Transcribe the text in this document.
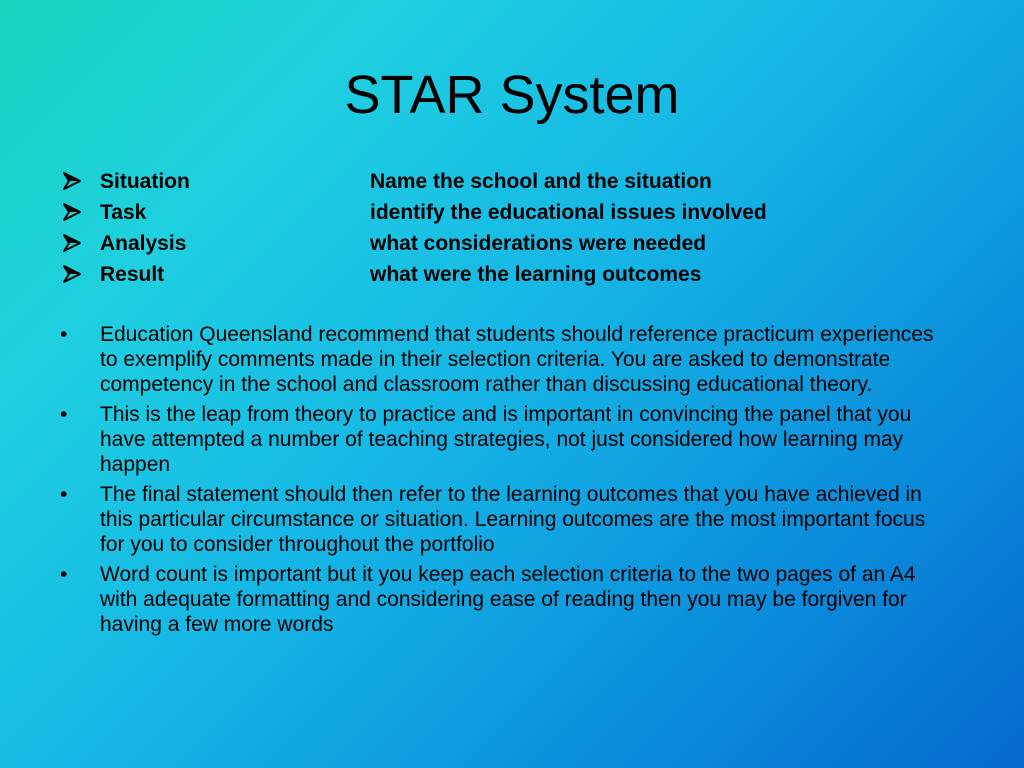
STAR System
Situation	Name the school and the situation
Task	identify the educational issues involved
Analysis	what considerations were needed
Result	what were the learning outcomes
•	Education Queensland recommend that students should reference practicum experiences to exemplify comments made in their selection criteria. You are asked to demonstrate competency in the school and classroom rather than discussing educational theory.
•	This is the leap from theory to practice and is important in convincing the panel that you have attempted a number of teaching strategies, not just considered how learning may happen
•	The final statement should then refer to the learning outcomes that you have achieved in this particular circumstance or situation. Learning outcomes are the most important focus for you to consider throughout the portfolio
•	Word count is important but it you keep each selection criteria to the two pages of an A4 with adequate formatting and considering ease of reading then you may be forgiven for having a few more words
